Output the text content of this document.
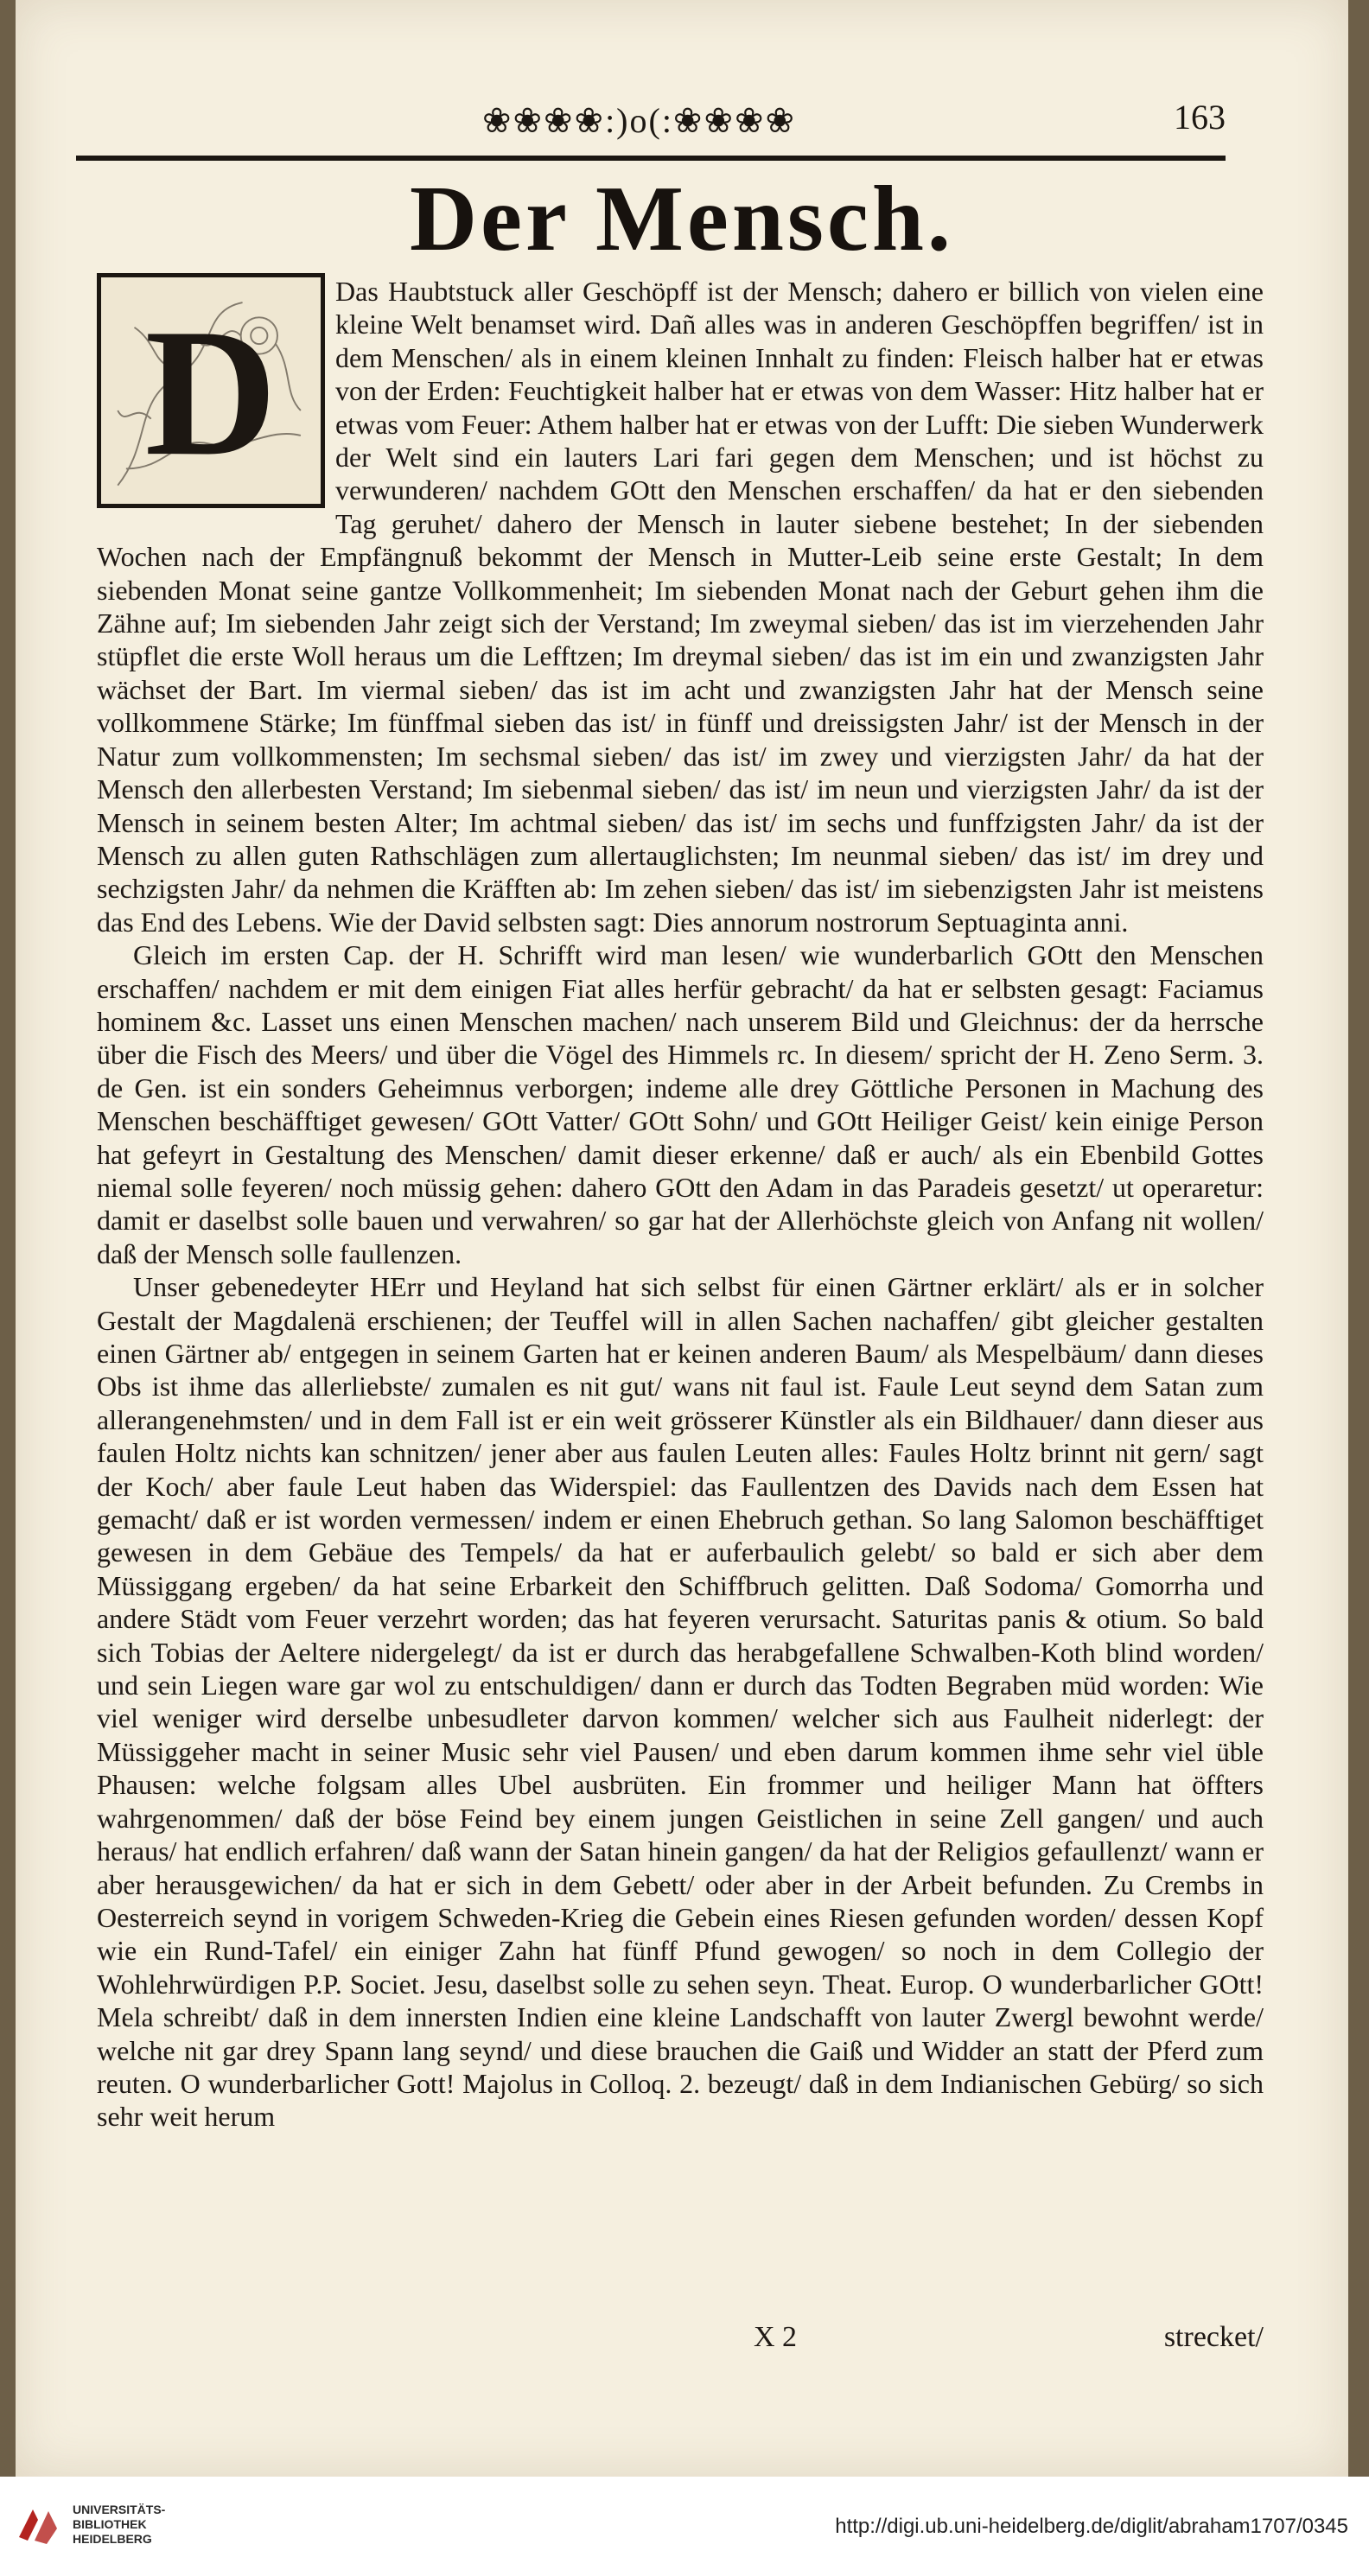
❀❀❀❀:)o(:❀❀❀❀	163
Der Mensch.
D	Das Haubtstuck aller Geschöpff ist der Mensch; dahero er billich von vielen eine kleine Welt benamset wird. Dañ alles was in anderen Geschöpffen begriffen/ ist in dem Menschen/ als in einem kleinen Innhalt zu finden: Fleisch halber hat er etwas von der Erden: Feuchtigkeit halber hat er etwas von dem Wasser: Hitz halber hat er etwas vom Feuer: Athem halber hat er etwas von der Lufft: Die sieben Wunderwerk der Welt sind ein lauters Lari fari gegen dem Menschen; und ist höchst zu verwunderen/ nachdem GOtt den Menschen erschaffen/ da hat er den siebenden Tag geruhet/ dahero der Mensch in lauter siebene bestehet; In der siebenden Wochen nach der Empfängnuß bekommt der Mensch in Mutter-Leib seine erste Gestalt; In dem siebenden Monat seine gantze Vollkommenheit; Im siebenden Monat nach der Geburt gehen ihm die Zähne auf; Im siebenden Jahr zeigt sich der Verstand; Im zweymal sieben/ das ist im vierzehenden Jahr stüpflet die erste Woll heraus um die Lefftzen; Im dreymal sieben/ das ist im ein und zwanzigsten Jahr wächset der Bart. Im viermal sieben/ das ist im acht und zwanzigsten Jahr hat der Mensch seine vollkommene Stärke; Im fünffmal sieben das ist/ in fünff und dreissigsten Jahr/ ist der Mensch in der Natur zum vollkommensten; Im sechsmal sieben/ das ist/ im zwey und vierzigsten Jahr/ da hat der Mensch den allerbesten Verstand; Im siebenmal sieben/ das ist/ im neun und vierzigsten Jahr/ da ist der Mensch in seinem besten Alter; Im achtmal sieben/ das ist/ im sechs und funffzigsten Jahr/ da ist der Mensch zu allen guten Rathschlägen zum allertauglichsten; Im neunmal sieben/ das ist/ im drey und sechzigsten Jahr/ da nehmen die Kräfften ab: Im zehen sieben/ das ist/ im siebenzigsten Jahr ist meistens das End des Lebens. Wie der David selbsten sagt: Dies annorum nostrorum Septuaginta anni.

Gleich im ersten Cap. der H. Schrifft wird man lesen/ wie wunderbarlich GOtt den Menschen erschaffen/ nachdem er mit dem einigen Fiat alles herfür gebracht/ da hat er selbsten gesagt: Faciamus hominem &c. Lasset uns einen Menschen machen/ nach unserem Bild und Gleichnus: der da herrsche über die Fisch des Meers/ und über die Vögel des Himmels rc. In diesem/ spricht der H. Zeno Serm. 3. de Gen. ist ein sonders Geheimnus verborgen; indeme alle drey Göttliche Personen in Machung des Menschen beschäfftiget gewesen/ GOtt Vatter/ GOtt Sohn/ und GOtt Heiliger Geist/ kein einige Person hat gefeyrt in Gestaltung des Menschen/ damit dieser erkenne/ daß er auch/ als ein Ebenbild Gottes niemal solle feyeren/ noch müssig gehen: dahero GOtt den Adam in das Paradeis gesetzt/ ut operaretur: damit er daselbst solle bauen und verwahren/ so gar hat der Allerhöchste gleich von Anfang nit wollen/ daß der Mensch solle faullenzen.

Unser gebenedeyter HErr und Heyland hat sich selbst für einen Gärtner erklärt/ als er in solcher Gestalt der Magdalenä erschienen; der Teuffel will in allen Sachen nachaffen/ gibt gleicher gestalten einen Gärtner ab/ entgegen in seinem Garten hat er keinen anderen Baum/ als Mespelbäum/ dann dieses Obs ist ihme das allerliebste/ zumalen es nit gut/ wans nit faul ist. Faule Leut seynd dem Satan zum allerangenehmsten/ und in dem Fall ist er ein weit grösserer Künstler als ein Bildhauer/ dann dieser aus faulen Holtz nichts kan schnitzen/ jener aber aus faulen Leuten alles: Faules Holtz brinnt nit gern/ sagt der Koch/ aber faule Leut haben das Widerspiel: das Faullentzen des Davids nach dem Essen hat gemacht/ daß er ist worden vermessen/ indem er einen Ehebruch gethan. So lang Salomon beschäfftiget gewesen in dem Gebäue des Tempels/ da hat er auferbaulich gelebt/ so bald er sich aber dem Müssiggang ergeben/ da hat seine Erbarkeit den Schiffbruch gelitten. Daß Sodoma/ Gomorrha und andere Städt vom Feuer verzehrt worden; das hat feyeren verursacht. Saturitas panis & otium. So bald sich Tobias der Aeltere nidergelegt/ da ist er durch das herabgefallene Schwalben-Koth blind worden/ und sein Liegen ware gar wol zu entschuldigen/ dann er durch das Todten Begraben müd worden: Wie viel weniger wird derselbe unbesudleter darvon kommen/ welcher sich aus Faulheit niderlegt: der Müssiggeher macht in seiner Music sehr viel Pausen/ und eben darum kommen ihme sehr viel üble Phausen: welche folgsam alles Ubel ausbrüten. Ein frommer und heiliger Mann hat öffters wahrgenommen/ daß der böse Feind bey einem jungen Geistlichen in seine Zell gangen/ und auch heraus/ hat endlich erfahren/ daß wann der Satan hinein gangen/ da hat der Religios gefaullenzt/ wann er aber herausgewichen/ da hat er sich in dem Gebett/ oder aber in der Arbeit befunden. Zu Crembs in Oesterreich seynd in vorigem Schweden-Krieg die Gebein eines Riesen gefunden worden/ dessen Kopf wie ein Rund-Tafel/ ein einiger Zahn hat fünff Pfund gewogen/ so noch in dem Collegio der Wohlehrwürdigen P.P. Societ. Jesu, daselbst solle zu sehen seyn. Theat. Europ. O wunderbarlicher GOtt! Mela schreibt/ daß in dem innersten Indien eine kleine Landschafft von lauter Zwergl bewohnt werde/ welche nit gar drey Spann lang seynd/ und diese brauchen die Gaiß und Widder an statt der Pferd zum reuten. O wunderbarlicher Gott! Majolus in Colloq. 2. bezeugt/ daß in dem Indianischen Gebürg/ so sich sehr weit herum

X 2	strecket/
UNIVERSITÄTS-
BIBLIOTHEK
HEIDELBERG
http://digi.ub.uni-heidelberg.de/diglit/abraham1707/0345
